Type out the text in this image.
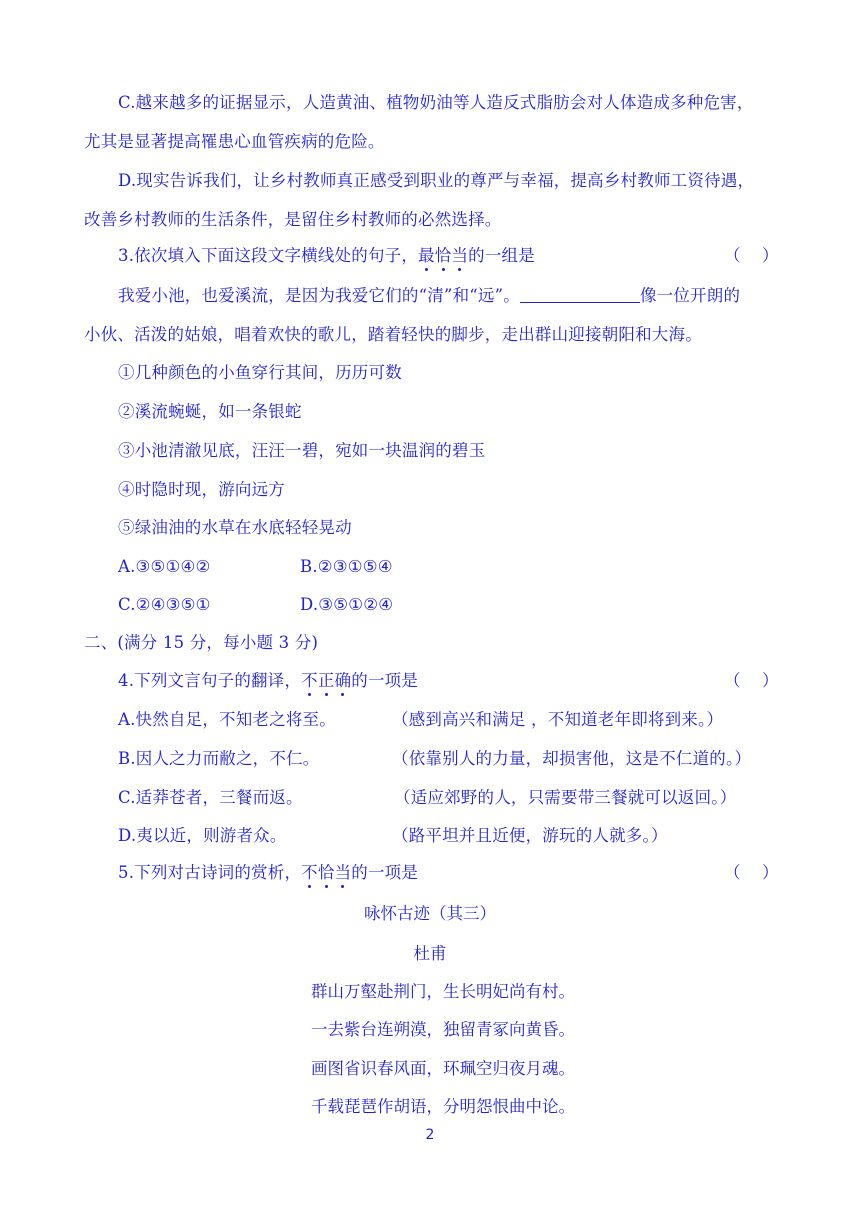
C.越来越多的证据显示，人造黄油、植物奶油等人造反式脂肪会对人体造成多种危害，
尤其是显著提高罹患心血管疾病的危险。
D.现实告诉我们，让乡村教师真正感受到职业的尊严与幸福，提高乡村教师工资待遇，
改善乡村教师的生活条件，是留住乡村教师的必然选择。
3.依次填入下面这段文字横线处的句子，最恰当的一组是	（ ）
我爱小池，也爱溪流，是因为我爱它们的“清”和“远”。	像一位开朗的
小伙、活泼的姑娘，唱着欢快的歌儿，踏着轻快的脚步，走出群山迎接朝阳和大海。
①几种颜色的小鱼穿行其间，历历可数
②溪流蜿蜒，如一条银蛇
③小池清澈见底，汪汪一碧，宛如一块温润的碧玉
④时隐时现，游向远方
⑤绿油油的水草在水底轻轻晃动
A.③⑤①④②	B.②③①⑤④
C.②④③⑤①	D.③⑤①②④
二、(满分 15 分，每小题 3 分)
4.下列文言句子的翻译，不正确的一项是	（ ）
A.快然自足，不知老之将至。	（感到高兴和满足 ，不知道老年即将到来。）
B.因人之力而敝之，不仁。	（依靠别人的力量，却损害他，这是不仁道的。）
C.适莽苍者，三餐而返。	（适应郊野的人，只需要带三餐就可以返回。）
D.夷以近，则游者众。	（路平坦并且近便，游玩的人就多。）
5.下列对古诗词的赏析，不恰当的一项是	（ ）
咏怀古迹（其三）
杜甫
群山万壑赴荆门，生长明妃尚有村。
一去紫台连朔漠，独留青冢向黄昏。
画图省识春风面，环珮空归夜月魂。
千载琵琶作胡语，分明怨恨曲中论。
2
